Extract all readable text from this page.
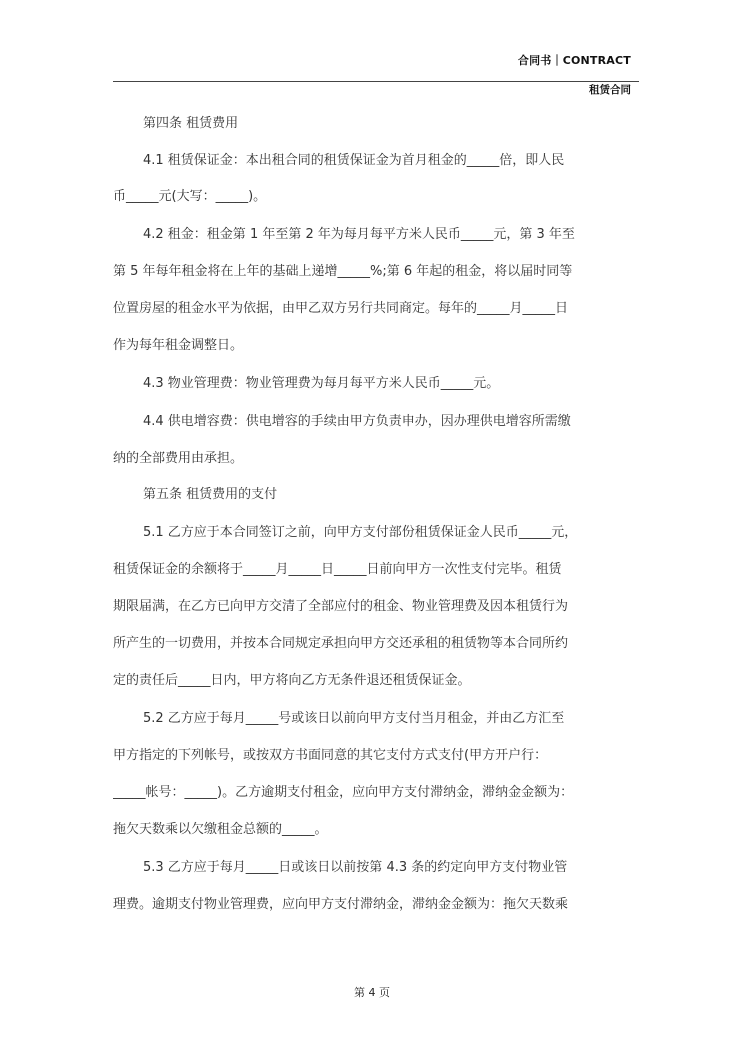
合同书｜CONTRACT
租赁合同
第四条 租赁费用
4.1 租赁保证金：本出租合同的租赁保证金为首月租金的_____倍，即人民
币_____元(大写：_____)。
4.2 租金：租金第 1 年至第 2 年为每月每平方米人民币_____元，第 3 年至
第 5 年每年租金将在上年的基础上递增_____%;第 6 年起的租金，将以届时同等
位置房屋的租金水平为依据，由甲乙双方另行共同商定。每年的_____月_____日
作为每年租金调整日。
4.3 物业管理费：物业管理费为每月每平方米人民币_____元。
4.4 供电增容费：供电增容的手续由甲方负责申办，因办理供电增容所需缴
纳的全部费用由承担。
第五条 租赁费用的支付
5.1 乙方应于本合同签订之前，向甲方支付部份租赁保证金人民币_____元，
租赁保证金的余额将于_____月_____日_____日前向甲方一次性支付完毕。租赁
期限届满，在乙方已向甲方交清了全部应付的租金、物业管理费及因本租赁行为
所产生的一切费用，并按本合同规定承担向甲方交还承租的租赁物等本合同所约
定的责任后_____日内，甲方将向乙方无条件退还租赁保证金。
5.2 乙方应于每月_____号或该日以前向甲方支付当月租金，并由乙方汇至
甲方指定的下列帐号，或按双方书面同意的其它支付方式支付(甲方开户行：
_____帐号：_____)。乙方逾期支付租金，应向甲方支付滞纳金，滞纳金金额为：
拖欠天数乘以欠缴租金总额的_____。
5.3 乙方应于每月_____日或该日以前按第 4.3 条的约定向甲方支付物业管
理费。逾期支付物业管理费，应向甲方支付滞纳金，滞纳金金额为：拖欠天数乘
第 4 页
